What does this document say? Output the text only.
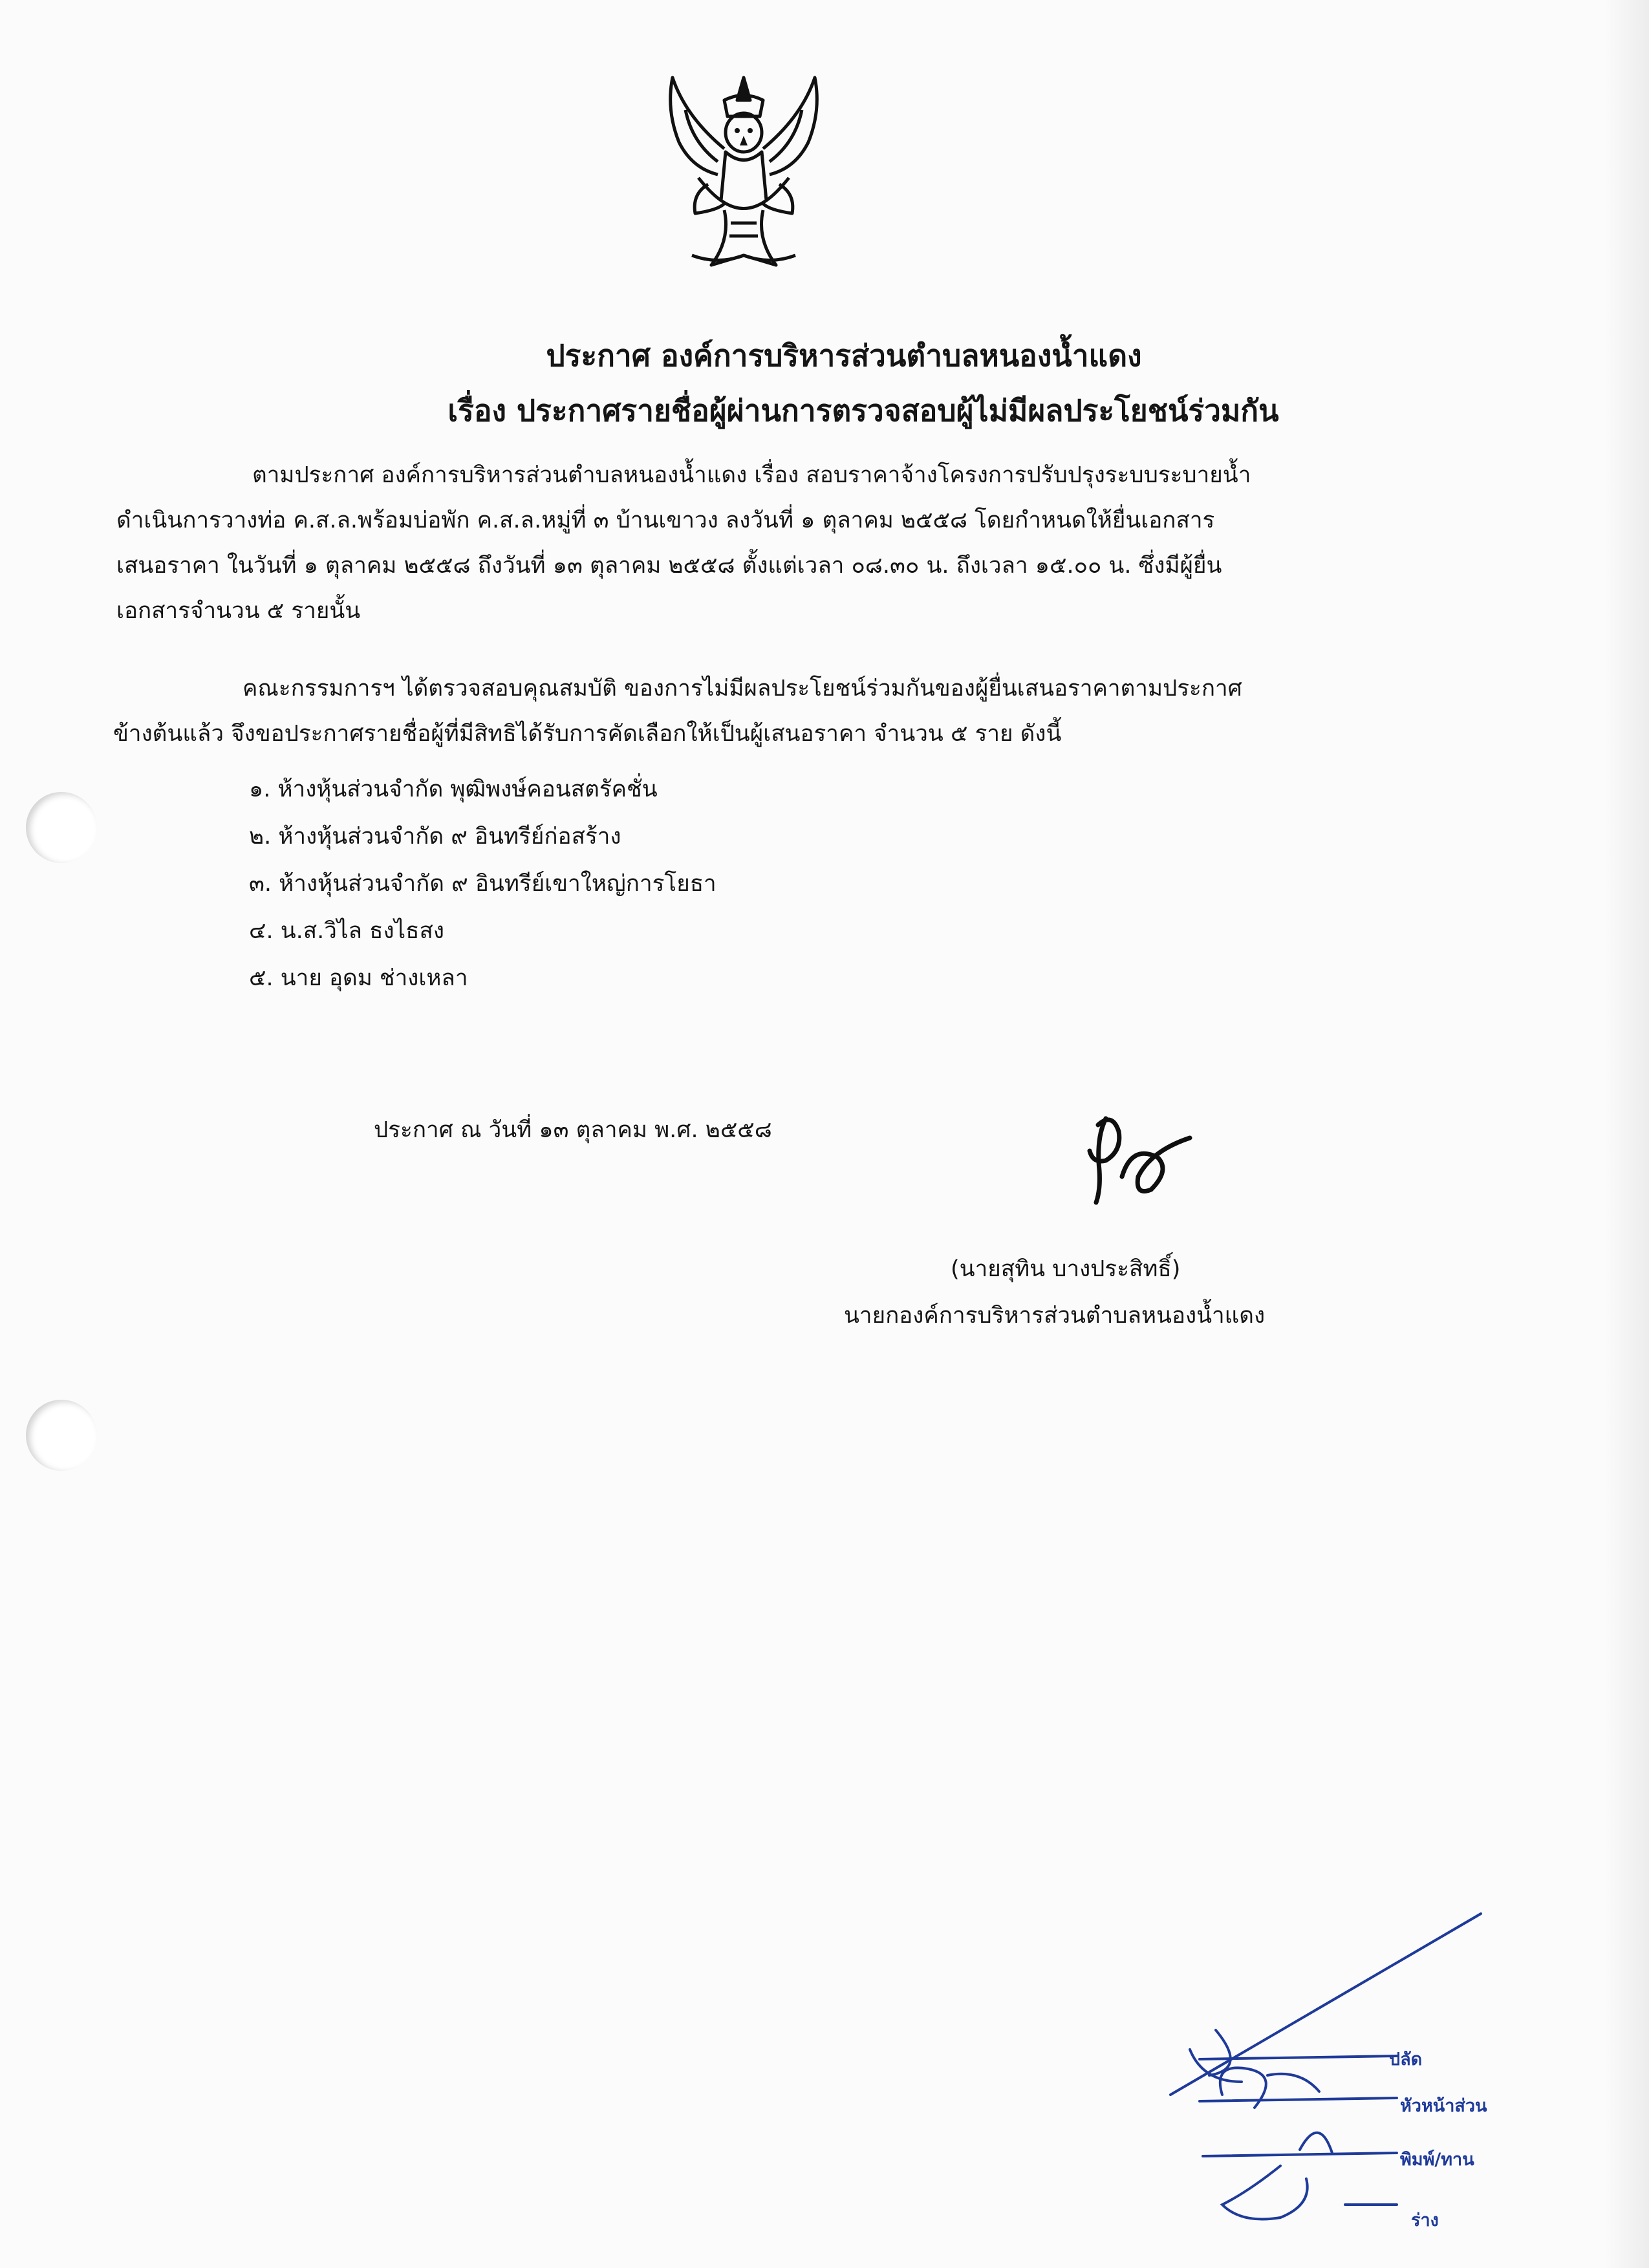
ประกาศ องค์การบริหารส่วนตำบลหนองน้ำแดง
เรื่อง ประกาศรายชื่อผู้ผ่านการตรวจสอบผู้ไม่มีผลประโยชน์ร่วมกัน
ตามประกาศ องค์การบริหารส่วนตำบลหนองน้ำแดง เรื่อง สอบราคาจ้างโครงการปรับปรุงระบบระบายน้ำ
ดำเนินการวางท่อ ค.ส.ล.พร้อมบ่อพัก ค.ส.ล.หมู่ที่ ๓ บ้านเขาวง ลงวันที่ ๑ ตุลาคม ๒๕๕๘ โดยกำหนดให้ยื่นเอกสาร
เสนอราคา ในวันที่ ๑ ตุลาคม ๒๕๕๘ ถึงวันที่ ๑๓ ตุลาคม ๒๕๕๘ ตั้งแต่เวลา ๐๘.๓๐ น. ถึงเวลา ๑๕.๐๐ น. ซึ่งมีผู้ยื่น
เอกสารจำนวน ๕ รายนั้น
คณะกรรมการฯ ได้ตรวจสอบคุณสมบัติ ของการไม่มีผลประโยชน์ร่วมกันของผู้ยื่นเสนอราคาตามประกาศ
ข้างต้นแล้ว จึงขอประกาศรายชื่อผู้ที่มีสิทธิได้รับการคัดเลือกให้เป็นผู้เสนอราคา จำนวน ๕ ราย ดังนี้
๑. ห้างหุ้นส่วนจำกัด พุฒิพงษ์คอนสตรัคชั่น
๒. ห้างหุ้นส่วนจำกัด ๙ อินทรีย์ก่อสร้าง
๓. ห้างหุ้นส่วนจำกัด ๙ อินทรีย์เขาใหญ่การโยธา
๔. น.ส.วิไล ธงไธสง
๕. นาย อุดม ช่างเหลา
ประกาศ ณ วันที่ ๑๓ ตุลาคม พ.ศ. ๒๕๕๘
(นายสุทิน บางประสิทธิ์)
นายกองค์การบริหารส่วนตำบลหนองน้ำแดง
ปลัด
หัวหน้าส่วน
พิมพ์/ทาน
ร่าง
